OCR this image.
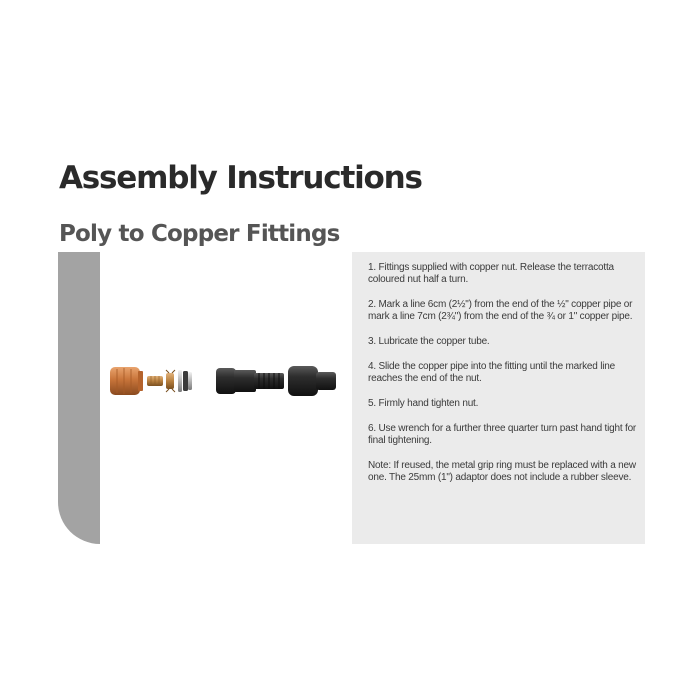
Assembly Instructions
Poly to Copper Fittings

1. Fittings supplied with copper nut. Release the terracotta coloured nut half a turn.

2. Mark a line 6cm (2½") from the end of the ½" copper pipe or mark a line 7cm (2¾") from the end of the ¾ or 1" copper pipe.

3. Lubricate the copper tube.

4. Slide the copper pipe into the fitting until the marked line reaches the end of the nut.

5. Firmly hand tighten nut.

6. Use wrench for a further three quarter turn past hand tight for final tightening.

Note: If reused, the metal grip ring must be replaced with a new one. The 25mm (1") adaptor does not include a rubber sleeve.
